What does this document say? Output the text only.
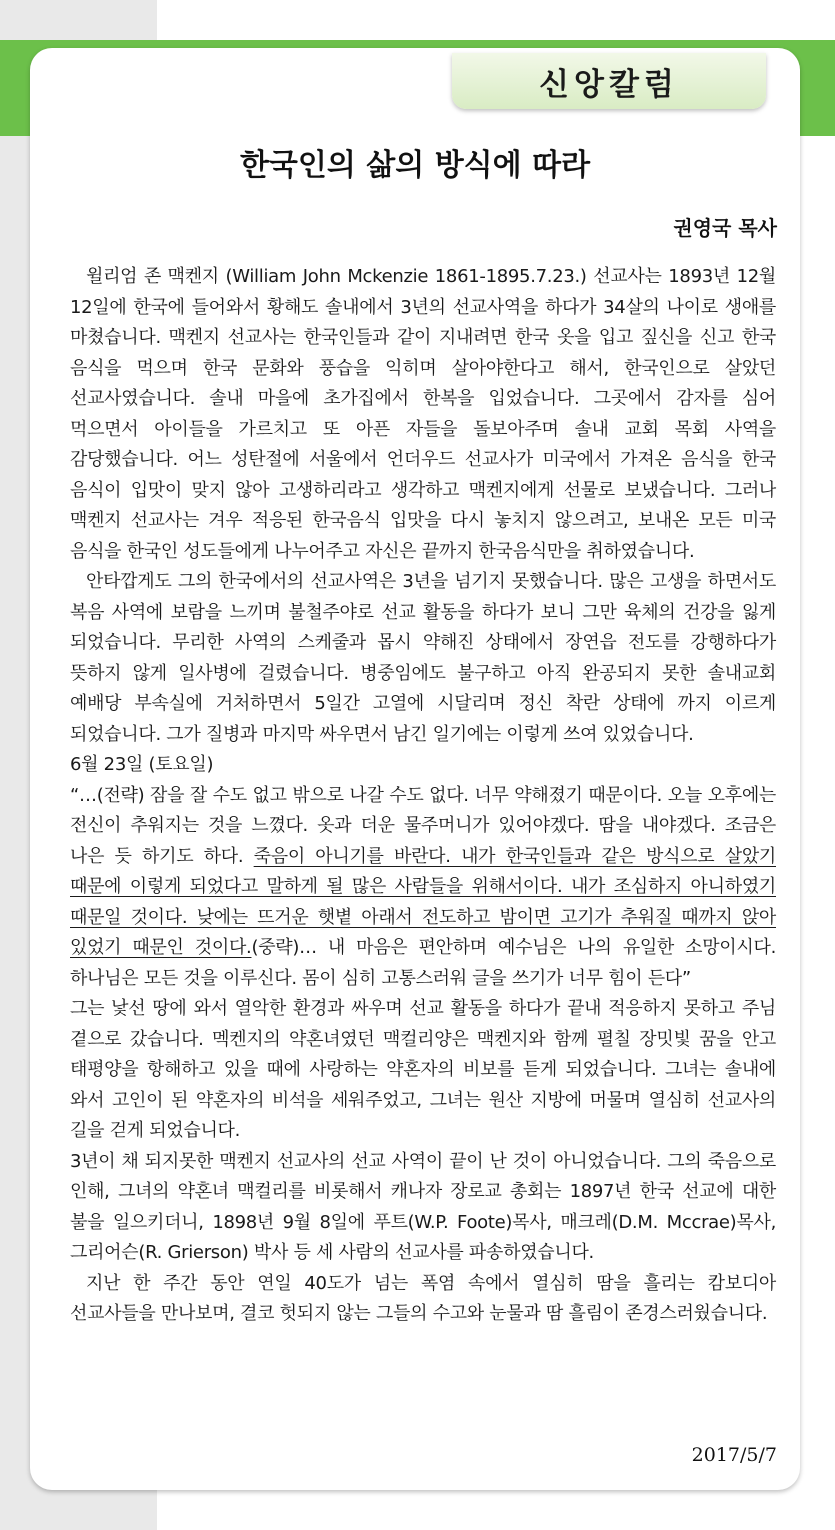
신앙칼럼
한국인의 삶의 방식에 따라
권영국 목사

윌리엄 존 맥켄지 (William John Mckenzie 1861-1895.7.23.) 선교사는 1893년 12월 12일에 한국에 들어와서 황해도 솔내에서 3년의 선교사역을 하다가 34살의 나이로 생애를 마쳤습니다. 맥켄지 선교사는 한국인들과 같이 지내려면 한국 옷을 입고 짚신을 신고 한국 음식을 먹으며 한국 문화와 풍습을 익히며 살아야한다고 해서, 한국인으로 살았던 선교사였습니다. 솔내 마을에 초가집에서 한복을 입었습니다. 그곳에서 감자를 심어 먹으면서 아이들을 가르치고 또 아픈 자들을 돌보아주며 솔내 교회 목회 사역을 감당했습니다. 어느 성탄절에 서울에서 언더우드 선교사가 미국에서 가져온 음식을 한국 음식이 입맛이 맞지 않아 고생하리라고 생각하고 맥켄지에게 선물로 보냈습니다. 그러나 맥켄지 선교사는 겨우 적응된 한국음식 입맛을 다시 놓치지 않으려고, 보내온 모든 미국 음식을 한국인 성도들에게 나누어주고 자신은 끝까지 한국음식만을 취하였습니다.

안타깝게도 그의 한국에서의 선교사역은 3년을 넘기지 못했습니다. 많은 고생을 하면서도 복음 사역에 보람을 느끼며 불철주야로 선교 활동을 하다가 보니 그만 육체의 건강을 잃게 되었습니다. 무리한 사역의 스케줄과 몹시 약해진 상태에서 장연읍 전도를 강행하다가 뜻하지 않게 일사병에 걸렸습니다. 병중임에도 불구하고 아직 완공되지 못한 솔내교회 예배당 부속실에 거처하면서 5일간 고열에 시달리며 정신 착란 상태에 까지 이르게 되었습니다. 그가 질병과 마지막 싸우면서 남긴 일기에는 이렇게 쓰여 있었습니다.

6월 23일 (토요일)

“…(전략) 잠을 잘 수도 없고 밖으로 나갈 수도 없다. 너무 약해졌기 때문이다. 오늘 오후에는 전신이 추워지는 것을 느꼈다. 옷과 더운 물주머니가 있어야겠다. 땀을 내야겠다. 조금은 나은 듯 하기도 하다. 죽음이 아니기를 바란다. 내가 한국인들과 같은 방식으로 살았기 때문에 이렇게 되었다고 말하게 될 많은 사람들을 위해서이다. 내가 조심하지 아니하였기 때문일 것이다. 낮에는 뜨거운 햇볕 아래서 전도하고 밤이면 고기가 추워질 때까지 앉아 있었기 때문인 것이다.(중략)… 내 마음은 편안하며 예수님은 나의 유일한 소망이시다. 하나님은 모든 것을 이루신다. 몸이 심히 고통스러워 글을 쓰기가 너무 힘이 든다”

그는 낯선 땅에 와서 열악한 환경과 싸우며 선교 활동을 하다가 끝내 적응하지 못하고 주님 곁으로 갔습니다. 멕켄지의 약혼녀였던 맥컬리양은 맥켄지와 함께 펼칠 장밋빛 꿈을 안고 태평양을 항해하고 있을 때에 사랑하는 약혼자의 비보를 듣게 되었습니다. 그녀는 솔내에 와서 고인이 된 약혼자의 비석을 세워주었고, 그녀는 원산 지방에 머물며 열심히 선교사의 길을 걷게 되었습니다.

3년이 채 되지못한 맥켄지 선교사의 선교 사역이 끝이 난 것이 아니었습니다. 그의 죽음으로 인해, 그녀의 약혼녀 맥컬리를 비롯해서 캐나자 장로교 총회는 1897년 한국 선교에 대한 불을 일으키더니, 1898년 9월 8일에 푸트(W.P. Foote)목사, 매크레(D.M. Mccrae)목사, 그리어슨(R. Grierson) 박사 등 세 사람의 선교사를 파송하였습니다.

지난 한 주간 동안 연일 40도가 넘는 폭염 속에서 열심히 땀을 흘리는 캄보디아 선교사들을 만나보며, 결코 헛되지 않는 그들의 수고와 눈물과 땀 흘림이 존경스러웠습니다.

2017/5/7
